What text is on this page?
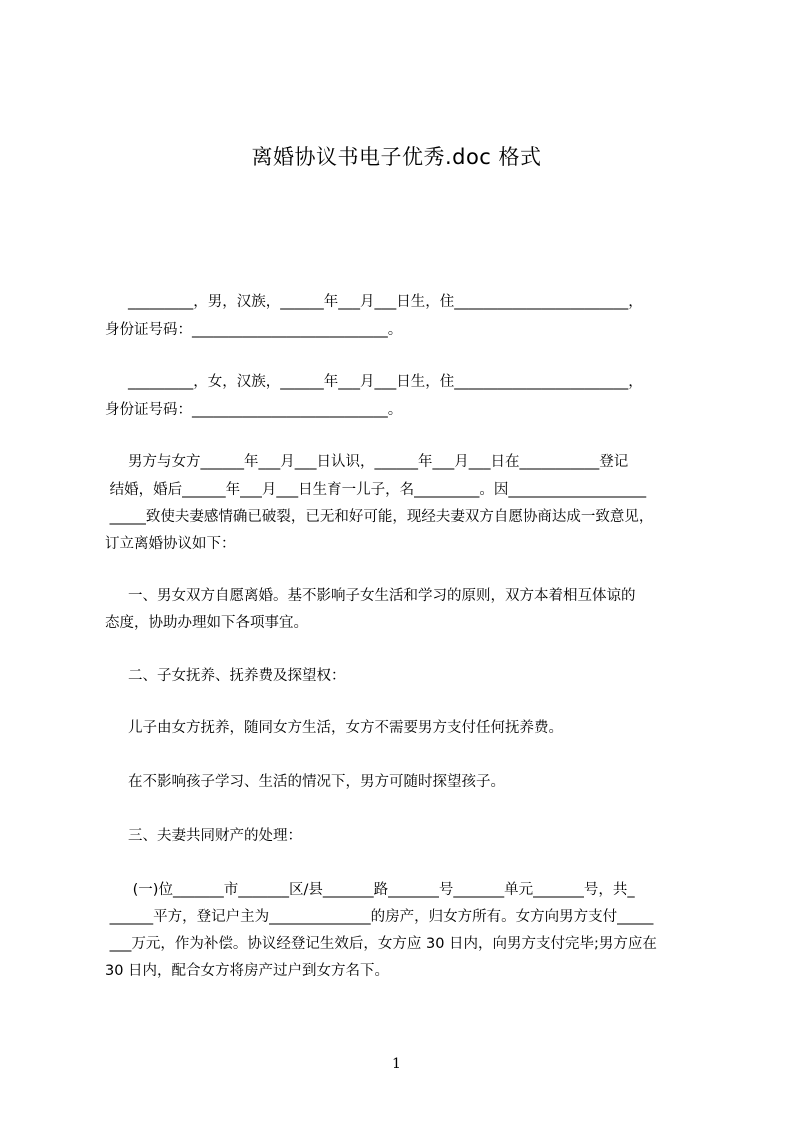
离婚协议书电子优秀.doc 格式
_________，男，汉族，______年___月___日生，住________________________，
身份证号码：___________________________。
_________，女，汉族，______年___月___日生，住________________________，
身份证号码：___________________________。
男方与女方______年___月___日认识，______年___月___日在___________登记
结婚，婚后______年___月___日生育一儿子，名_________。因___________________
_____致使夫妻感情确已破裂，已无和好可能，现经夫妻双方自愿协商达成一致意见，
订立离婚协议如下：
一、男女双方自愿离婚。基不影响子女生活和学习的原则，双方本着相互体谅的
态度，协助办理如下各项事宜。
二、子女抚养、抚养费及探望权：
儿子由女方抚养，随同女方生活，女方不需要男方支付任何抚养费。
在不影响孩子学习、生活的情况下，男方可随时探望孩子。
三、夫妻共同财产的处理：
(一)位_______市_______区/县_______路_______号_______单元_______号，共_
______平方，登记户主为______________的房产，归女方所有。女方向男方支付_____
___万元，作为补偿。协议经登记生效后，女方应 30 日内，向男方支付完毕;男方应在
30 日内，配合女方将房产过户到女方名下。
1
